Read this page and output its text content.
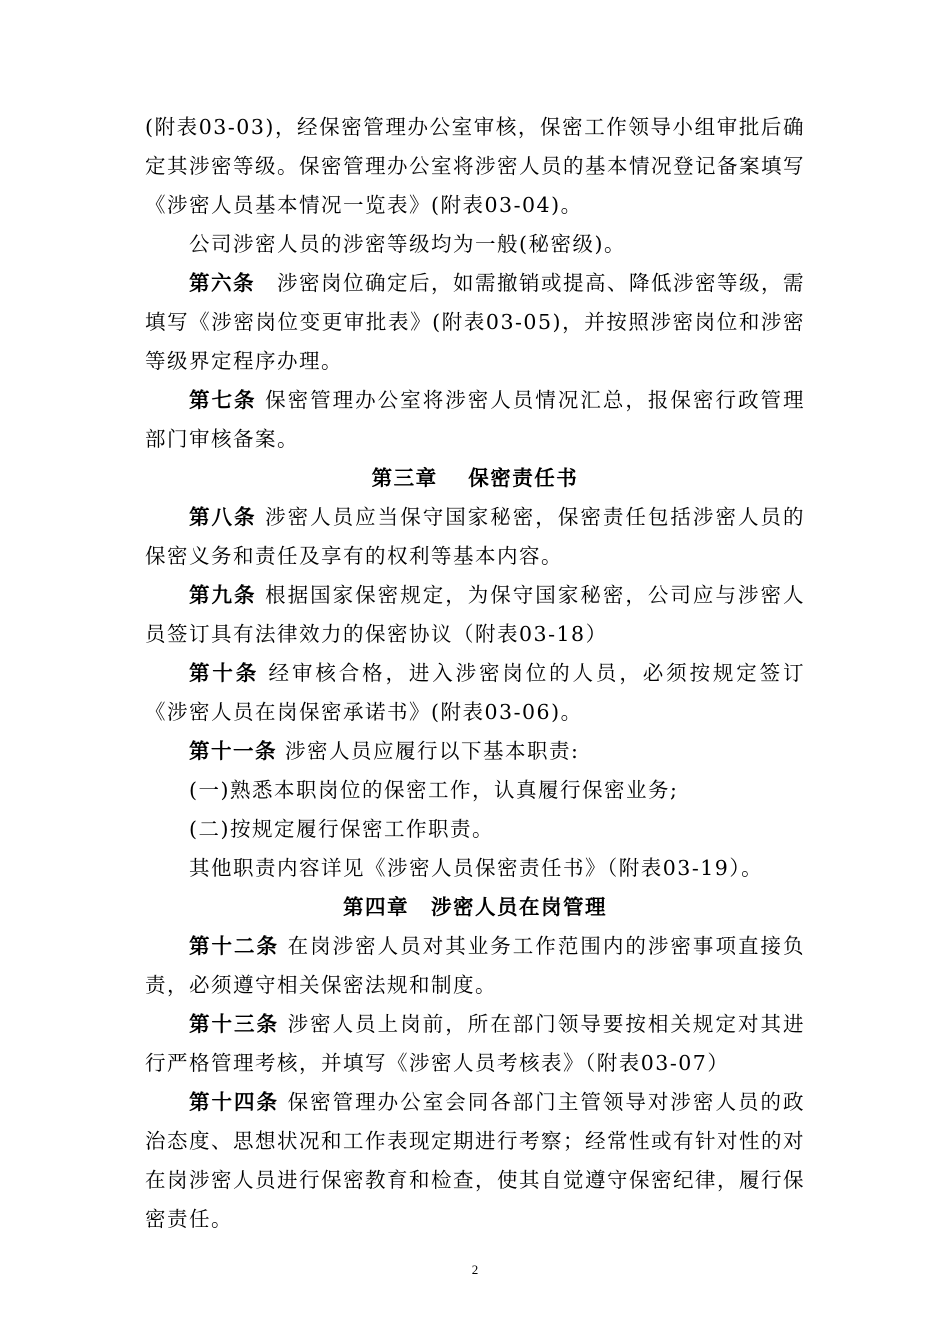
(附表03-03)，经保密管理办公室审核，保密工作领导小组审批后确定其涉密等级。保密管理办公室将涉密人员的基本情况登记备案填写《涉密人员基本情况一览表》(附表03-04)。

公司涉密人员的涉密等级均为一般(秘密级)。

第六条　涉密岗位确定后，如需撤销或提高、降低涉密等级，需填写《涉密岗位变更审批表》(附表03-05)，并按照涉密岗位和涉密等级界定程序办理。

第七条 保密管理办公室将涉密人员情况汇总，报保密行政管理部门审核备案。

第三章　 保密责任书

第八条 涉密人员应当保守国家秘密，保密责任包括涉密人员的保密义务和责任及享有的权利等基本内容。

第九条 根据国家保密规定，为保守国家秘密，公司应与涉密人员签订具有法律效力的保密协议（附表03-18）

第十条 经审核合格，进入涉密岗位的人员，必须按规定签订《涉密人员在岗保密承诺书》(附表03-06)。

第十一条 涉密人员应履行以下基本职责:

(一)熟悉本职岗位的保密工作，认真履行保密业务;

(二)按规定履行保密工作职责。

其他职责内容详见《涉密人员保密责任书》（附表03-19）。

第四章　涉密人员在岗管理

第十二条 在岗涉密人员对其业务工作范围内的涉密事项直接负责，必须遵守相关保密法规和制度。

第十三条 涉密人员上岗前，所在部门领导要按相关规定对其进行严格管理考核，并填写《涉密人员考核表》（附表03-07）

第十四条 保密管理办公室会同各部门主管领导对涉密人员的政治态度、思想状况和工作表现定期进行考察；经常性或有针对性的对在岗涉密人员进行保密教育和检查，使其自觉遵守保密纪律，履行保密责任。

2
